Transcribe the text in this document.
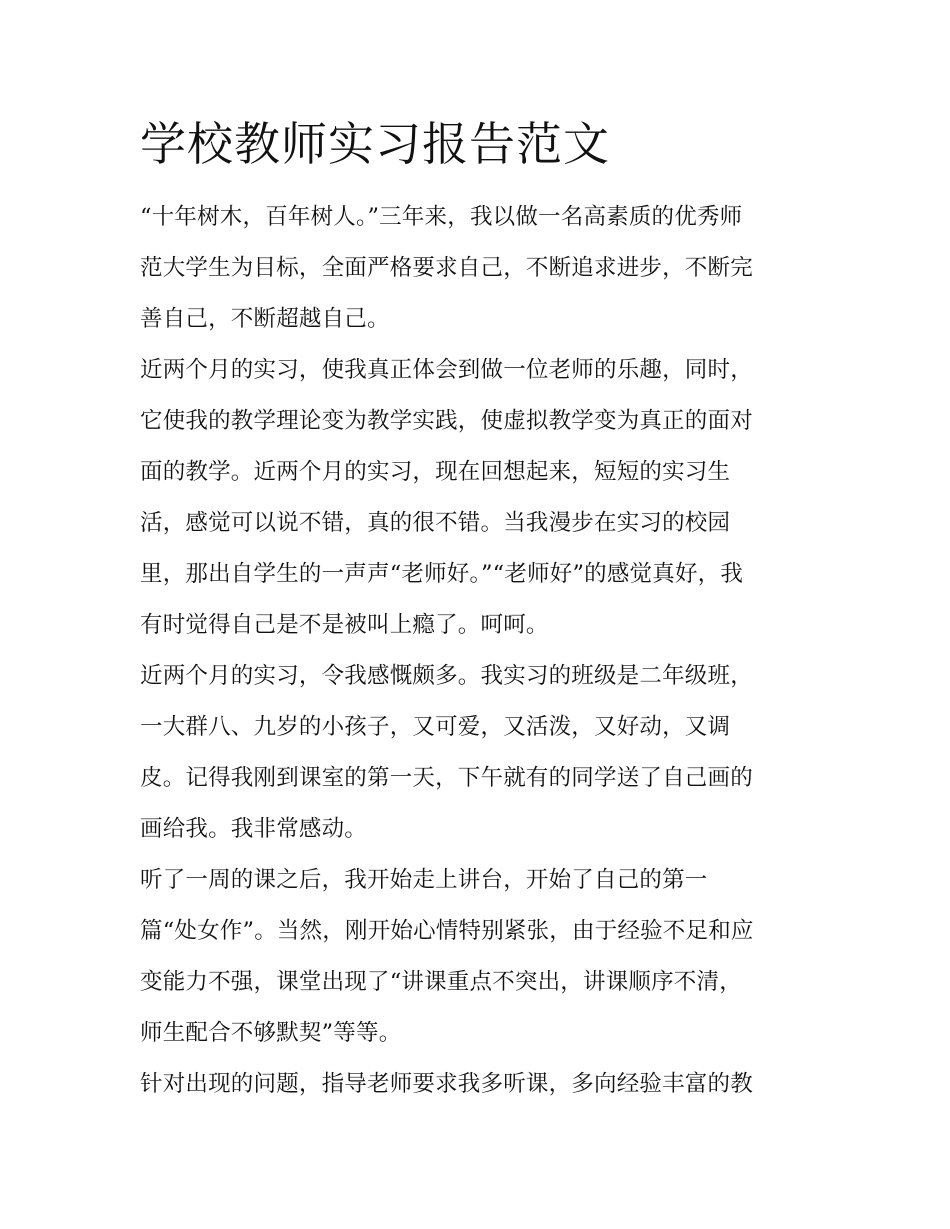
学校教师实习报告范文

“十年树木，百年树人。”三年来，我以做一名高素质的优秀师
范大学生为目标，全面严格要求自己，不断追求进步，不断完
善自己，不断超越自己。

近两个月的实习，使我真正体会到做一位老师的乐趣，同时，
它使我的教学理论变为教学实践，使虚拟教学变为真正的面对
面的教学。近两个月的实习，现在回想起来，短短的实习生
活，感觉可以说不错，真的很不错。当我漫步在实习的校园
里，那出自学生的一声声“老师好。”“老师好”的感觉真好，我
有时觉得自己是不是被叫上瘾了。呵呵。

近两个月的实习，令我感慨颇多。我实习的班级是二年级班，
一大群八、九岁的小孩子，又可爱，又活泼，又好动，又调
皮。记得我刚到课室的第一天，下午就有的同学送了自己画的
画给我。我非常感动。

听了一周的课之后，我开始走上讲台，开始了自己的第一
篇“处女作”。当然，刚开始心情特别紧张，由于经验不足和应
变能力不强，课堂出现了“讲课重点不突出，讲课顺序不清，
师生配合不够默契”等等。

针对出现的问题，指导老师要求我多听课，多向经验丰富的教
